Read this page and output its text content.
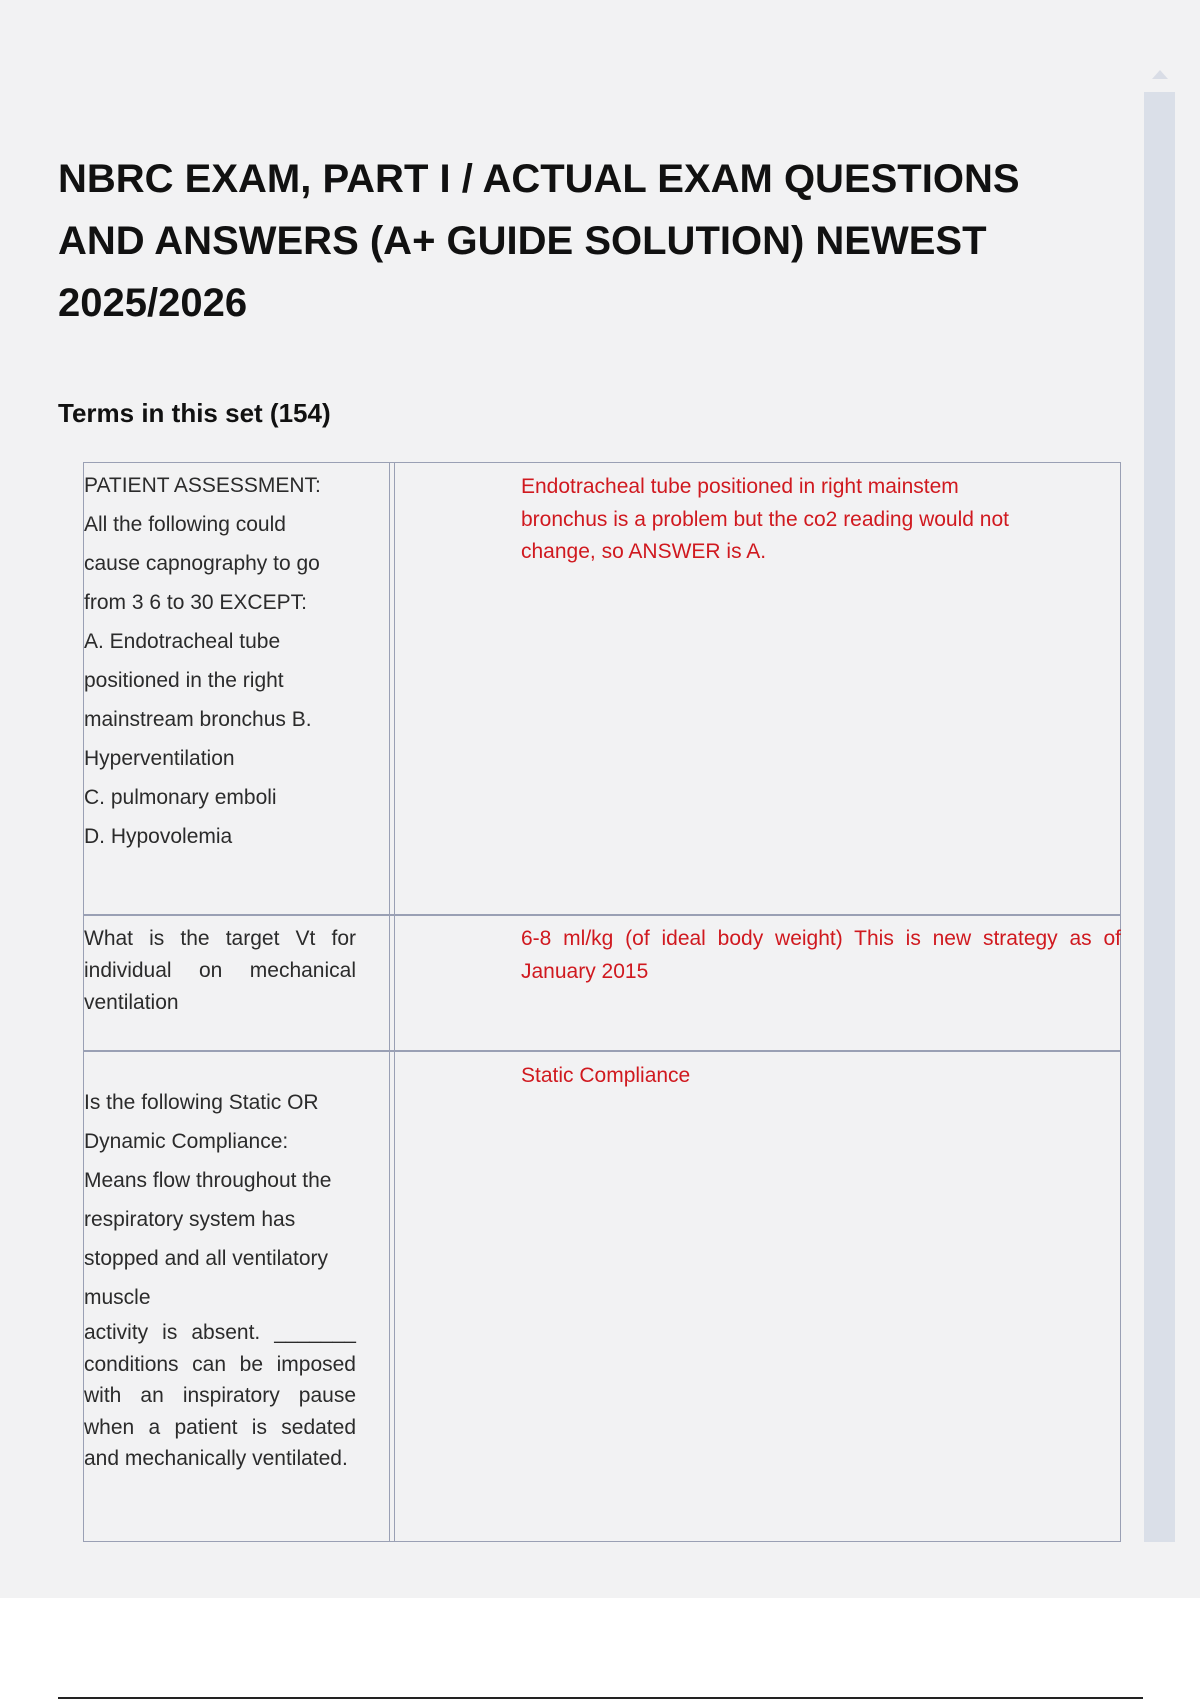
NBRC EXAM, PART I / ACTUAL EXAM QUESTIONS
AND ANSWERS (A+ GUIDE SOLUTION) NEWEST
2025/2026
Terms in this set (154)
PATIENT ASSESSMENT:
All the following could
cause capnography to go
from 3 6 to 30 EXCEPT:
A. Endotracheal tube
positioned in the right
mainstream bronchus B.
Hyperventilation
C. pulmonary emboli
D. Hypovolemia
Endotracheal tube positioned in right mainstem
bronchus is a problem but the co2 reading would not
change, so ANSWER is A.
What is the target Vt for individual on mechanical ventilation
6-8 ml/kg (of ideal body weight) This is new strategy as of January 2015
Is the following Static OR
Dynamic Compliance:
Means flow throughout the
respiratory system has
stopped and all ventilatory
muscle
activity is absent. _______ conditions can be imposed with an inspiratory pause when a patient is sedated and mechanically ventilated.
Static Compliance
